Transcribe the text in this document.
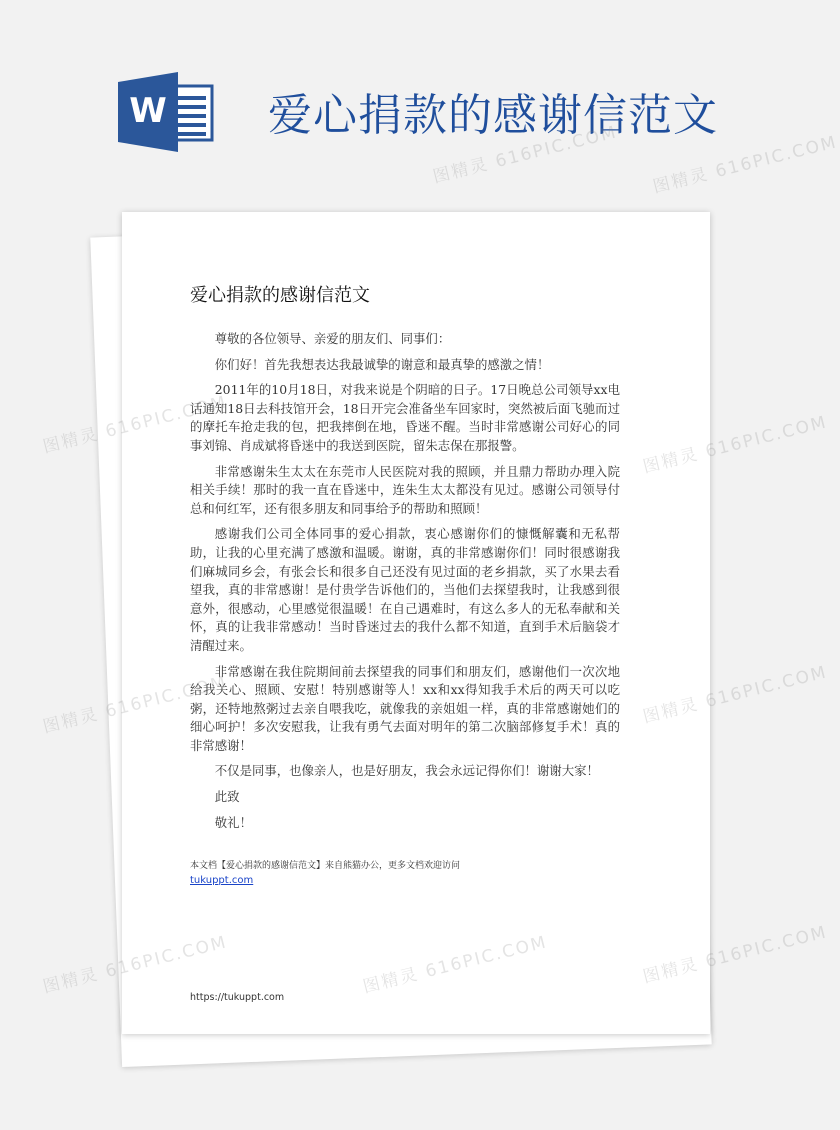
W 爱心捐款的感谢信范文
爱心捐款的感谢信范文

尊敬的各位领导、亲爱的朋友们、同事们：

你们好！首先我想表达我最诚挚的谢意和最真挚的感激之情！

2011年的10月18日，对我来说是个阴暗的日子。17日晚总公司领导xx电话通知18日去科技馆开会，18日开完会准备坐车回家时，突然被后面飞驰而过的摩托车抢走我的包，把我摔倒在地，昏迷不醒。当时非常感谢公司好心的同事刘锦、肖成斌将昏迷中的我送到医院，留朱志保在那报警。

非常感谢朱生太太在东莞市人民医院对我的照顾，并且鼎力帮助办理入院相关手续！那时的我一直在昏迷中，连朱生太太都没有见过。感谢公司领导付总和何红军，还有很多朋友和同事给予的帮助和照顾！

感谢我们公司全体同事的爱心捐款，衷心感谢你们的慷慨解囊和无私帮助，让我的心里充满了感激和温暖。谢谢，真的非常感谢你们！同时很感谢我们麻城同乡会，有张会长和很多自己还没有见过面的老乡捐款，买了水果去看望我，真的非常感谢！是付贵学告诉他们的，当他们去探望我时，让我感到很意外，很感动，心里感觉很温暖！在自己遇难时，有这么多人的无私奉献和关怀，真的让我非常感动！当时昏迷过去的我什么都不知道，直到手术后脑袋才清醒过来。

非常感谢在我住院期间前去探望我的同事们和朋友们，感谢他们一次次地给我关心、照顾、安慰！特别感谢等人！xx和xx得知我手术后的两天可以吃粥，还特地熬粥过去亲自喂我吃，就像我的亲姐姐一样，真的非常感谢她们的细心呵护！多次安慰我，让我有勇气去面对明年的第二次脑部修复手术！真的非常感谢！

不仅是同事，也像亲人，也是好朋友，我会永远记得你们！谢谢大家！

此致

敬礼！

本文档【爱心捐款的感谢信范文】来自熊猫办公，更多文档欢迎访问
tukuppt.com
https://tukuppt.com
图精灵 616PIC.COM 图精灵 616PIC.COM
图精灵 616PIC.COM	图精灵 616PIC.COM
图精灵 616PIC.COM	图精灵 616PIC.COM
图精灵 616PIC.COM	图精灵 616PIC.COM	图精灵 616PIC.COM
